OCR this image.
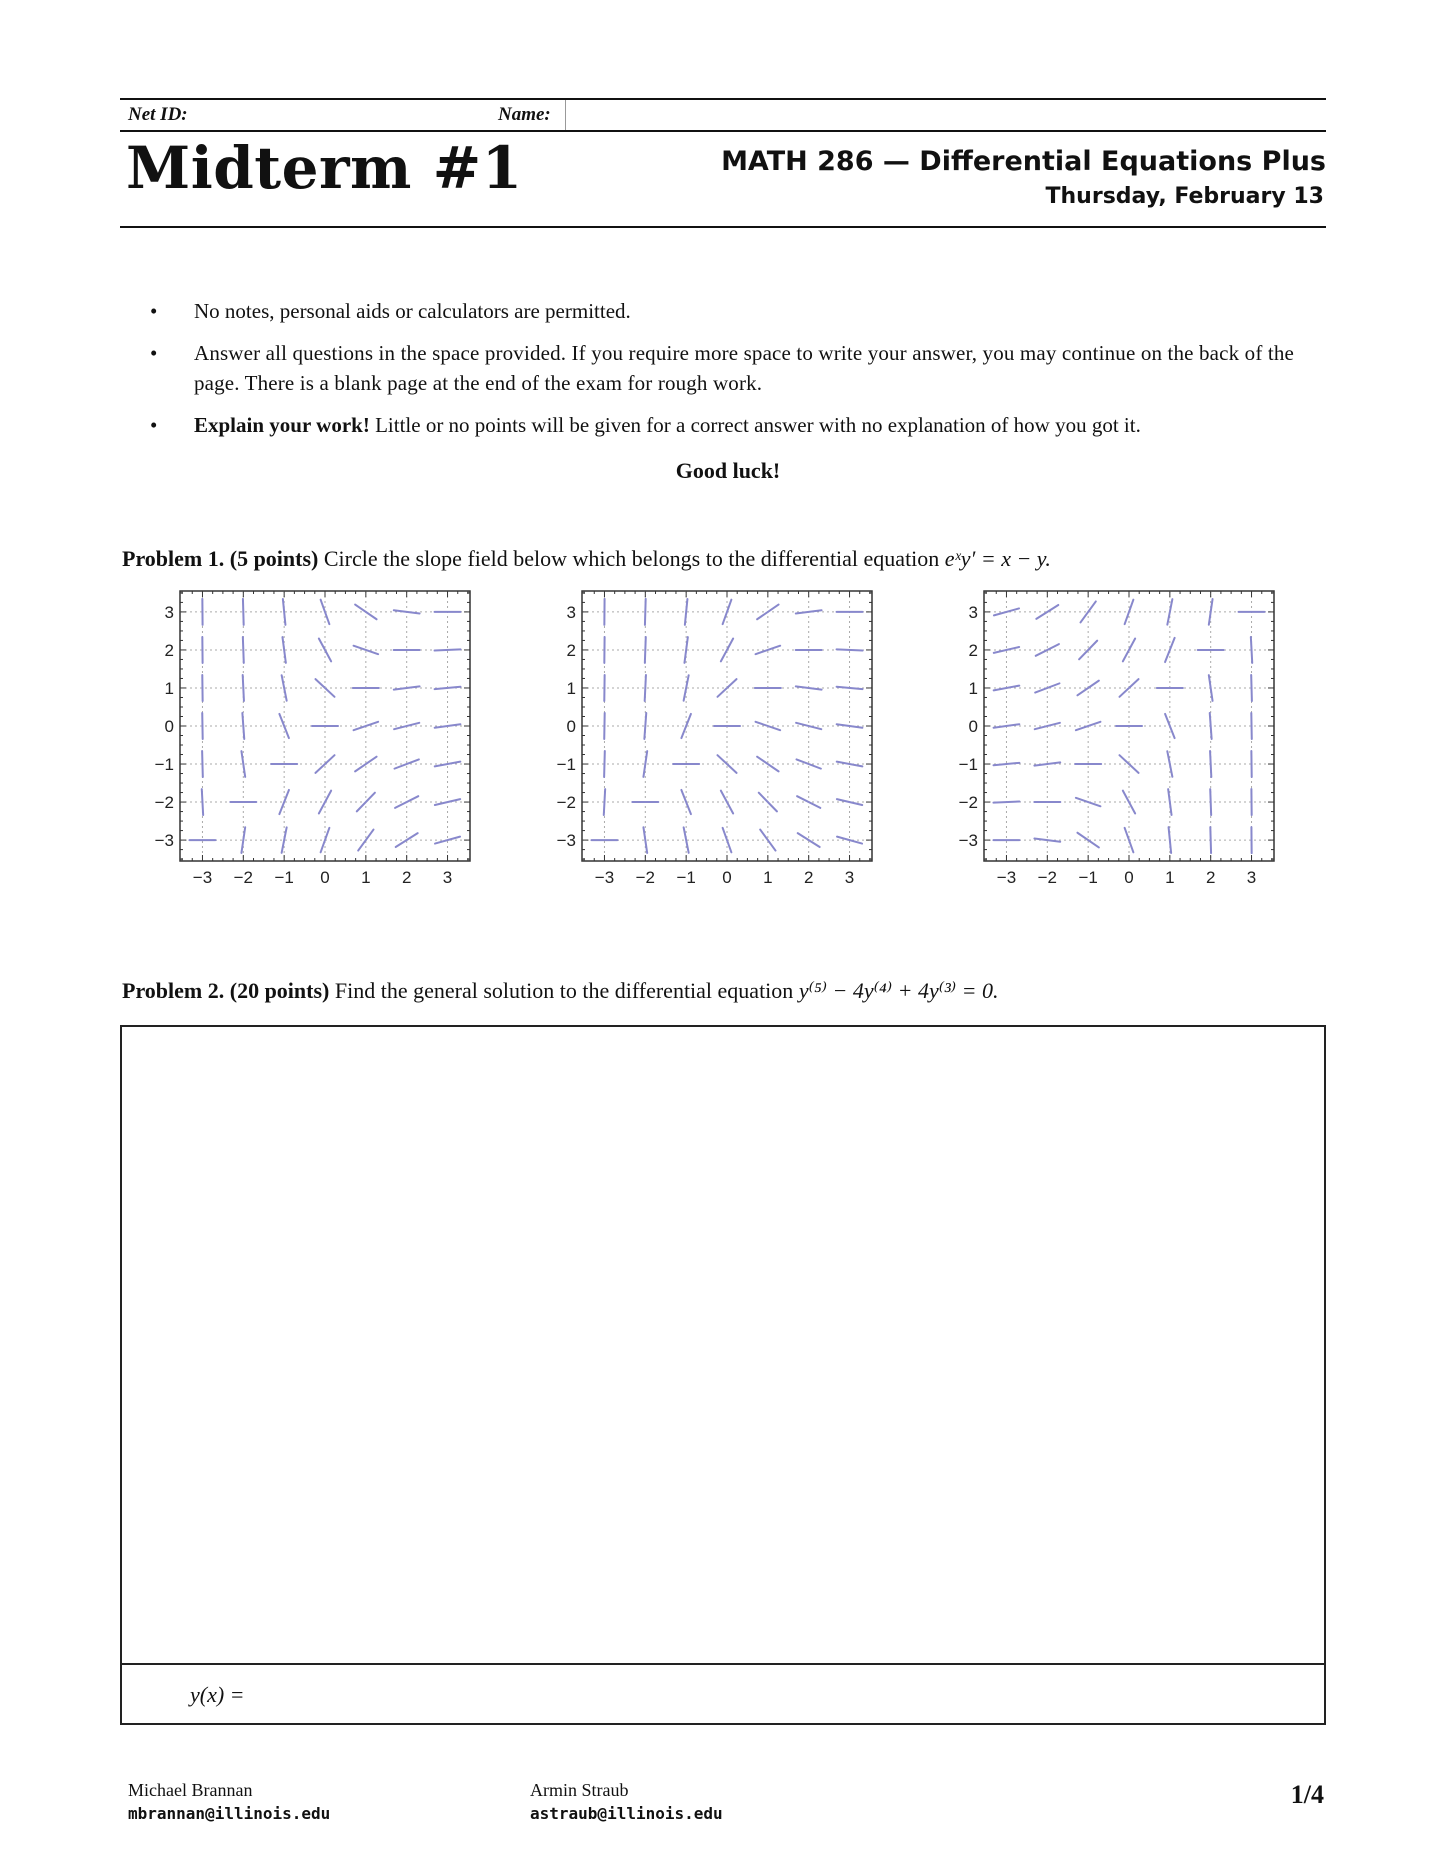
Net ID:	Name:
Midterm #1	MATH 286 — Differential Equations Plus
Thursday, February 13
• No notes, personal aids or calculators are permitted.
• Answer all questions in the space provided. If you require more space to write your answer, you may continue on the back of the page. There is a blank page at the end of the exam for rough work.
• Explain your work! Little or no points will be given for a correct answer with no explanation of how you got it.
Good luck!
Problem 1. (5 points) Circle the slope field below which belongs to the differential equation eˣy′ = x − y.
−3 −2 −1 0 1 2 3
3
2
1
0
−1
−2
−3
−3 −2 −1 0 1 2 3
3
2
1
0
−1
−2
−3
−3 −2 −1 0 1 2 3
3
2
1
0
−1
−2
−3
Problem 2. (20 points) Find the general solution to the differential equation y⁽⁵⁾ − 4y⁽⁴⁾ + 4y⁽³⁾ = 0.
y(x) =
Michael Brannan
mbrannan@illinois.edu
Armin Straub
astraub@illinois.edu
1/4
